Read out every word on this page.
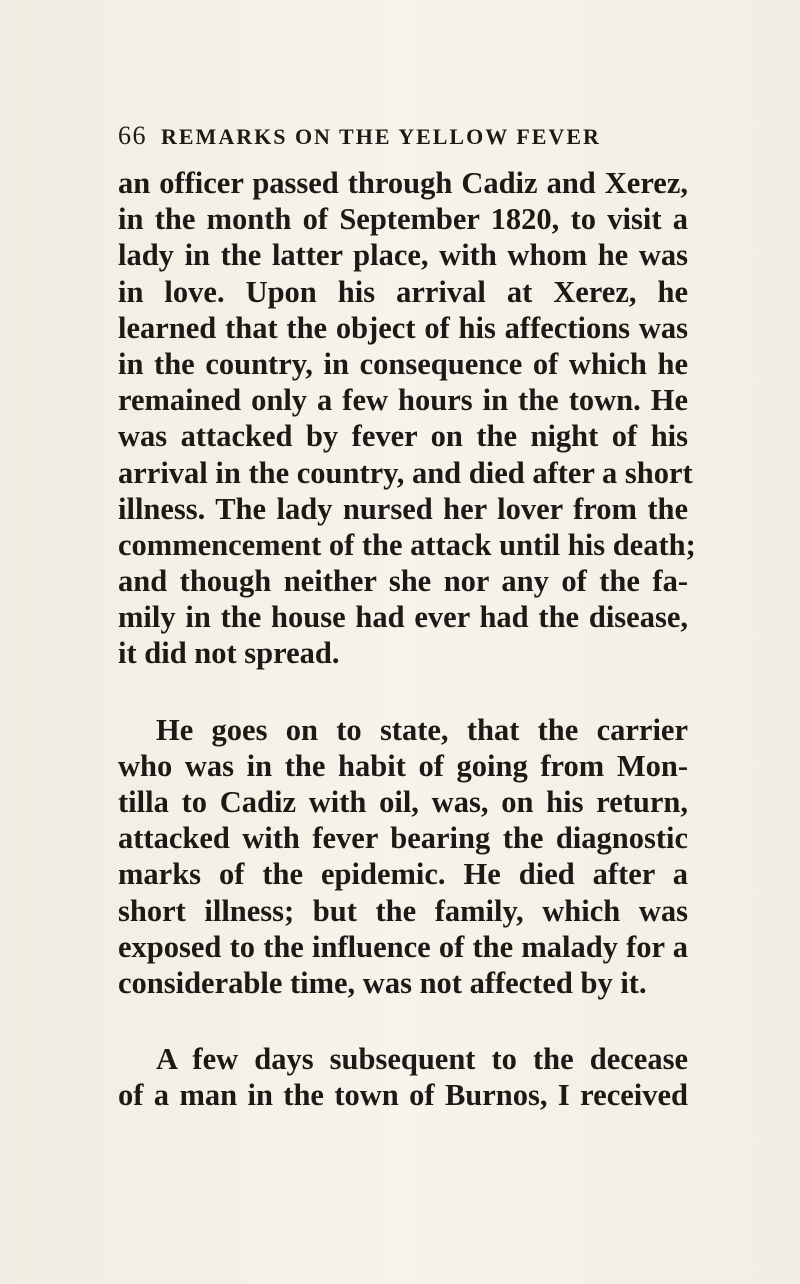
66 REMARKS ON THE YELLOW FEVER
an officer passed through Cadiz and Xerez,
in the month of September 1820, to visit a
lady in the latter place, with whom he was
in love. Upon his arrival at Xerez, he
learned that the object of his affections was
in the country, in consequence of which he
remained only a few hours in the town. He
was attacked by fever on the night of his
arrival in the country, and died after a short
illness. The lady nursed her lover from the
commencement of the attack until his death;
and though neither she nor any of the fa-
mily in the house had ever had the disease,
it did not spread.
He goes on to state, that the carrier
who was in the habit of going from Mon-
tilla to Cadiz with oil, was, on his return,
attacked with fever bearing the diagnostic
marks of the epidemic. He died after a
short illness; but the family, which was
exposed to the influence of the malady for a
considerable time, was not affected by it.
A few days subsequent to the decease
of a man in the town of Burnos, I received
